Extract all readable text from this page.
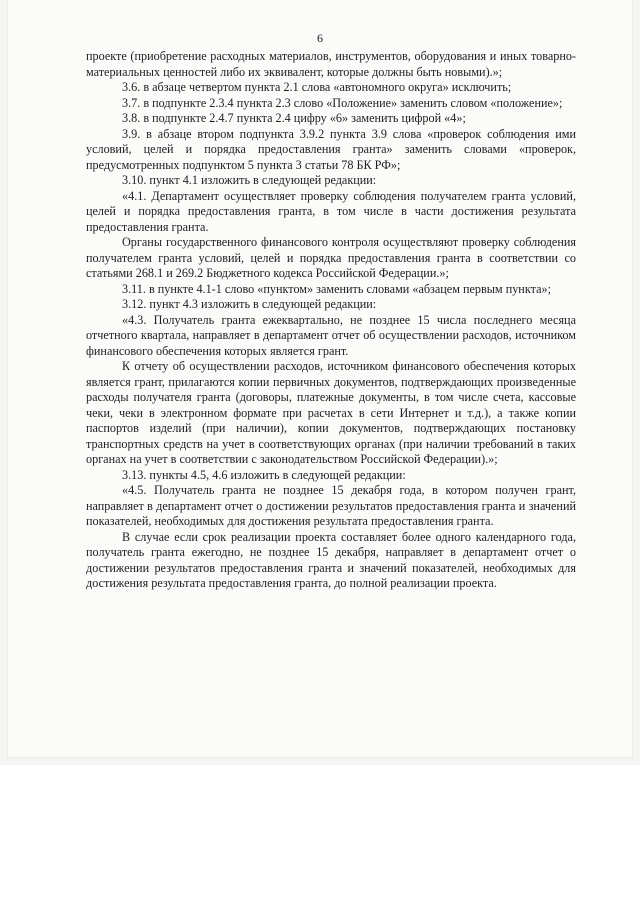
6

проекте (приобретение расходных материалов, инструментов, оборудования и иных товарно-материальных ценностей либо их эквивалент, которые должны быть новыми).»;

3.6. в абзаце четвертом пункта 2.1 слова «автономного округа» исключить;

3.7. в подпункте 2.3.4 пункта 2.3 слово «Положение» заменить словом «положение»;

3.8. в подпункте 2.4.7 пункта 2.4 цифру «6» заменить цифрой «4»;

3.9. в абзаце втором подпункта 3.9.2 пункта 3.9 слова «проверок соблюдения ими условий, целей и порядка предоставления гранта» заменить словами «проверок, предусмотренных подпунктом 5 пункта 3 статьи 78 БК РФ»;

3.10. пункт 4.1 изложить в следующей редакции:

«4.1. Департамент осуществляет проверку соблюдения получателем гранта условий, целей и порядка предоставления гранта, в том числе в части достижения результата предоставления гранта.

Органы государственного финансового контроля осуществляют проверку соблюдения получателем гранта условий, целей и порядка предоставления гранта в соответствии со статьями 268.1 и 269.2 Бюджетного кодекса Российской Федерации.»;

3.11. в пункте 4.1-1 слово «пунктом» заменить словами «абзацем первым пункта»;

3.12. пункт 4.3 изложить в следующей редакции:

«4.3. Получатель гранта ежеквартально, не позднее 15 числа последнего месяца отчетного квартала, направляет в департамент отчет об осуществлении расходов, источником финансового обеспечения которых является грант.

К отчету об осуществлении расходов, источником финансового обеспечения которых является грант, прилагаются копии первичных документов, подтверждающих произведенные расходы получателя гранта (договоры, платежные документы, в том числе счета, кассовые чеки, чеки в электронном формате при расчетах в сети Интернет и т.д.), а также копии паспортов изделий (при наличии), копии документов, подтверждающих постановку транспортных средств на учет в соответствующих органах (при наличии требований в таких органах на учет в соответствии с законодательством Российской Федерации).»;

3.13. пункты 4.5, 4.6 изложить в следующей редакции:

«4.5. Получатель гранта не позднее 15 декабря года, в котором получен грант, направляет в департамент отчет о достижении результатов предоставления гранта и значений показателей, необходимых для достижения результата предоставления гранта.

В случае если срок реализации проекта составляет более одного календарного года, получатель гранта ежегодно, не позднее 15 декабря, направляет в департамент отчет о достижении результатов предоставления гранта и значений показателей, необходимых для достижения результата предоставления гранта, до полной реализации проекта.
